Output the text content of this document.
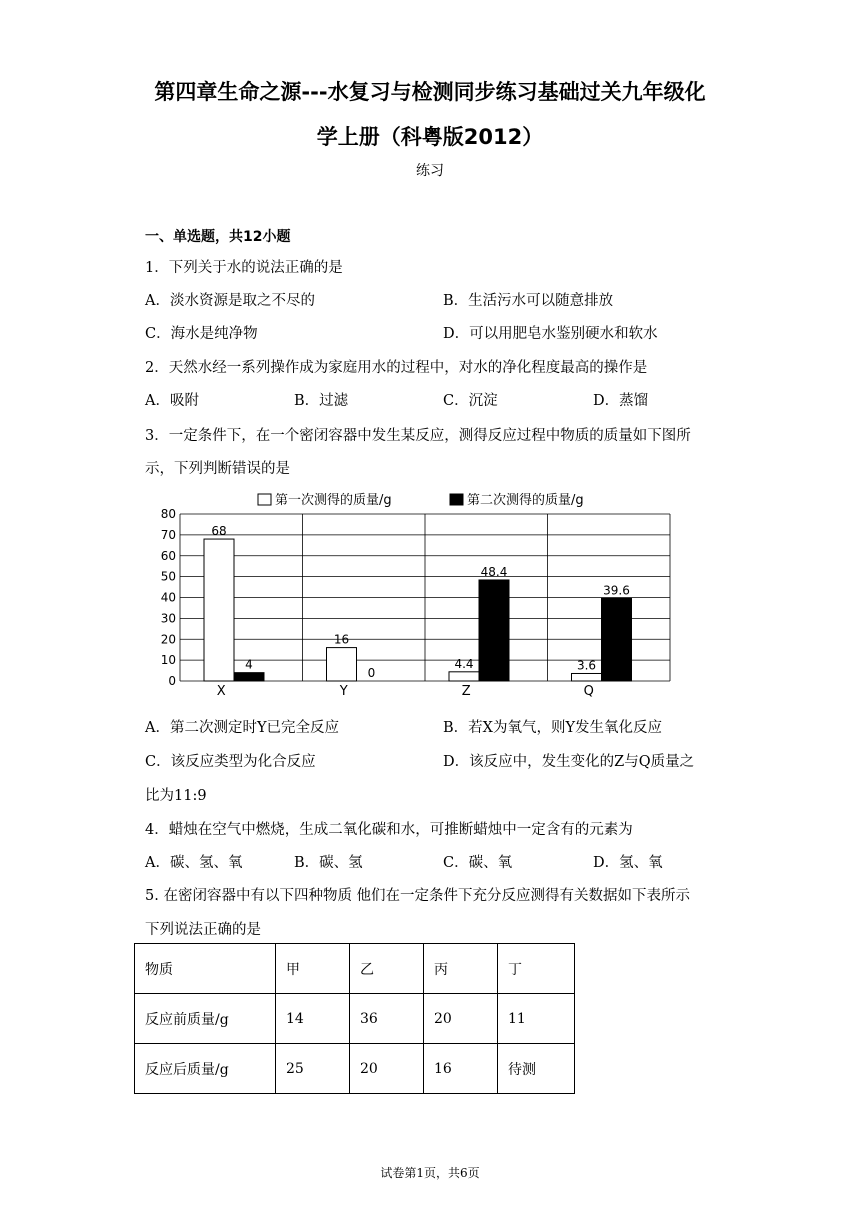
第四章生命之源---水复习与检测同步练习基础过关九年级化
学上册（科粤版2012）
练习
一、单选题，共12小题
1．下列关于水的说法正确的是
A．淡水资源是取之不尽的	B．生活污水可以随意排放
C．海水是纯净物	D．可以用肥皂水鉴别硬水和软水
2．天然水经一系列操作成为家庭用水的过程中，对水的净化程度最高的操作是
A．吸附	B．过滤	C．沉淀	D．蒸馏
3．一定条件下，在一个密闭容器中发生某反应，测得反应过程中物质的质量如下图所
示，下列判断错误的是
0
10
20
30
40
50
60
70
80
68
4
X
16
0
Y
4.4
48.4
Z
3.6
39.6
Q
第一次测得的质量/g	第二次测得的质量/g
A．第二次测定时Y已完全反应	B．若X为氧气，则Y发生氧化反应
C．该反应类型为化合反应	D．该反应中，发生变化的Z与Q质量之
比为11:9
4．蜡烛在空气中燃烧，生成二氧化碳和水，可推断蜡烛中一定含有的元素为
A．碳、氢、氧	B．碳、氢	C．碳、氧	D．氢、氧
5. 在密闭容器中有以下四种物质 他们在一定条件下充分反应测得有关数据如下表所示
下列说法正确的是
物质	甲	乙	丙	丁
反应前质量/g	14	36	20	11
反应后质量/g	25	20	16	待测
试卷第1页，共6页
